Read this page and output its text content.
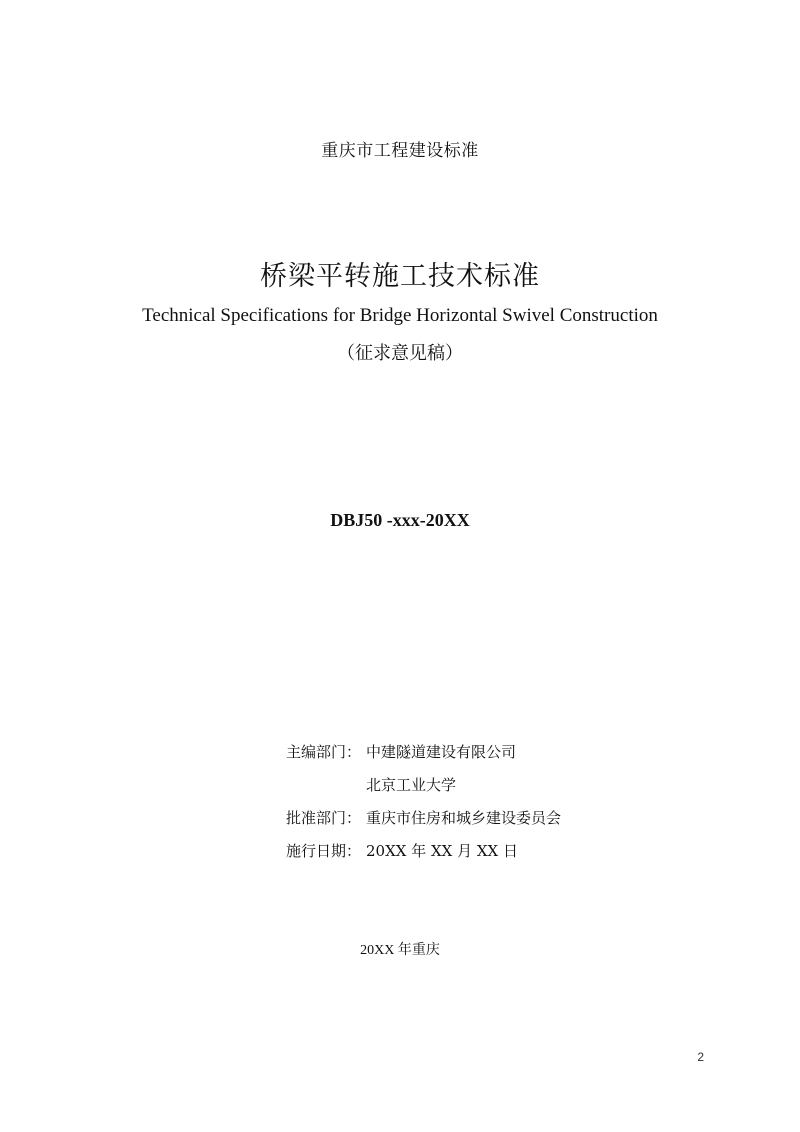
重庆市工程建设标准
桥梁平转施工技术标准
Technical Specifications for Bridge Horizontal Swivel Construction
（征求意见稿）
DBJ50 -xxx-20XX
主编部门： 中建隧道建设有限公司
北京工业大学
批准部门： 重庆市住房和城乡建设委员会
施行日期： 20XX 年 XX 月 XX 日
20XX 年重庆
2
